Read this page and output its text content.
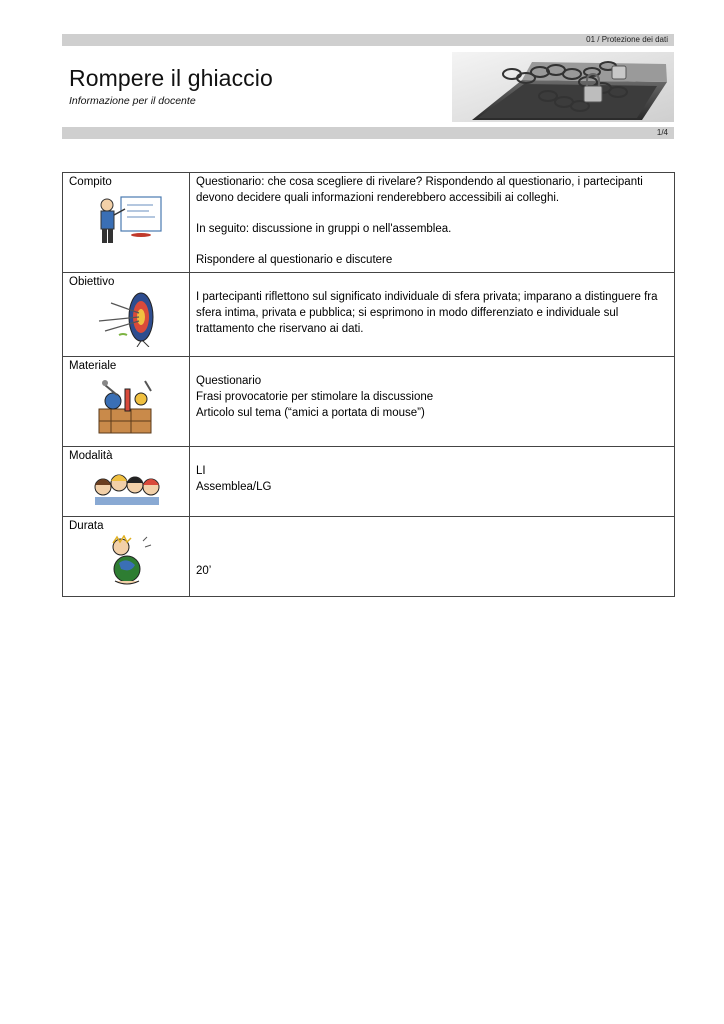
01 / Protezione dei dati
Rompere il ghiaccio
Informazione per il docente
1/4
Compito	Questionario: che cosa scegliere di rivelare? Rispondendo al questionario, i partecipanti devono decidere quali informazioni renderebbero accessibili ai colleghi.

In seguito: discussione in gruppi o nell'assemblea.

Rispondere al questionario e discutere

Obiettivo	I partecipanti riflettono sul significato individuale di sfera privata; imparano a distinguere fra sfera intima, privata e pubblica; si esprimono in modo differenziato e individuale sul trattamento che riservano ai dati.

Materiale	Questionario

Frasi provocatorie per stimolare la discussione

Articolo sul tema (“amici a portata di mouse”)

Modalità	LI

Assemblea/LG

Durata	20’
